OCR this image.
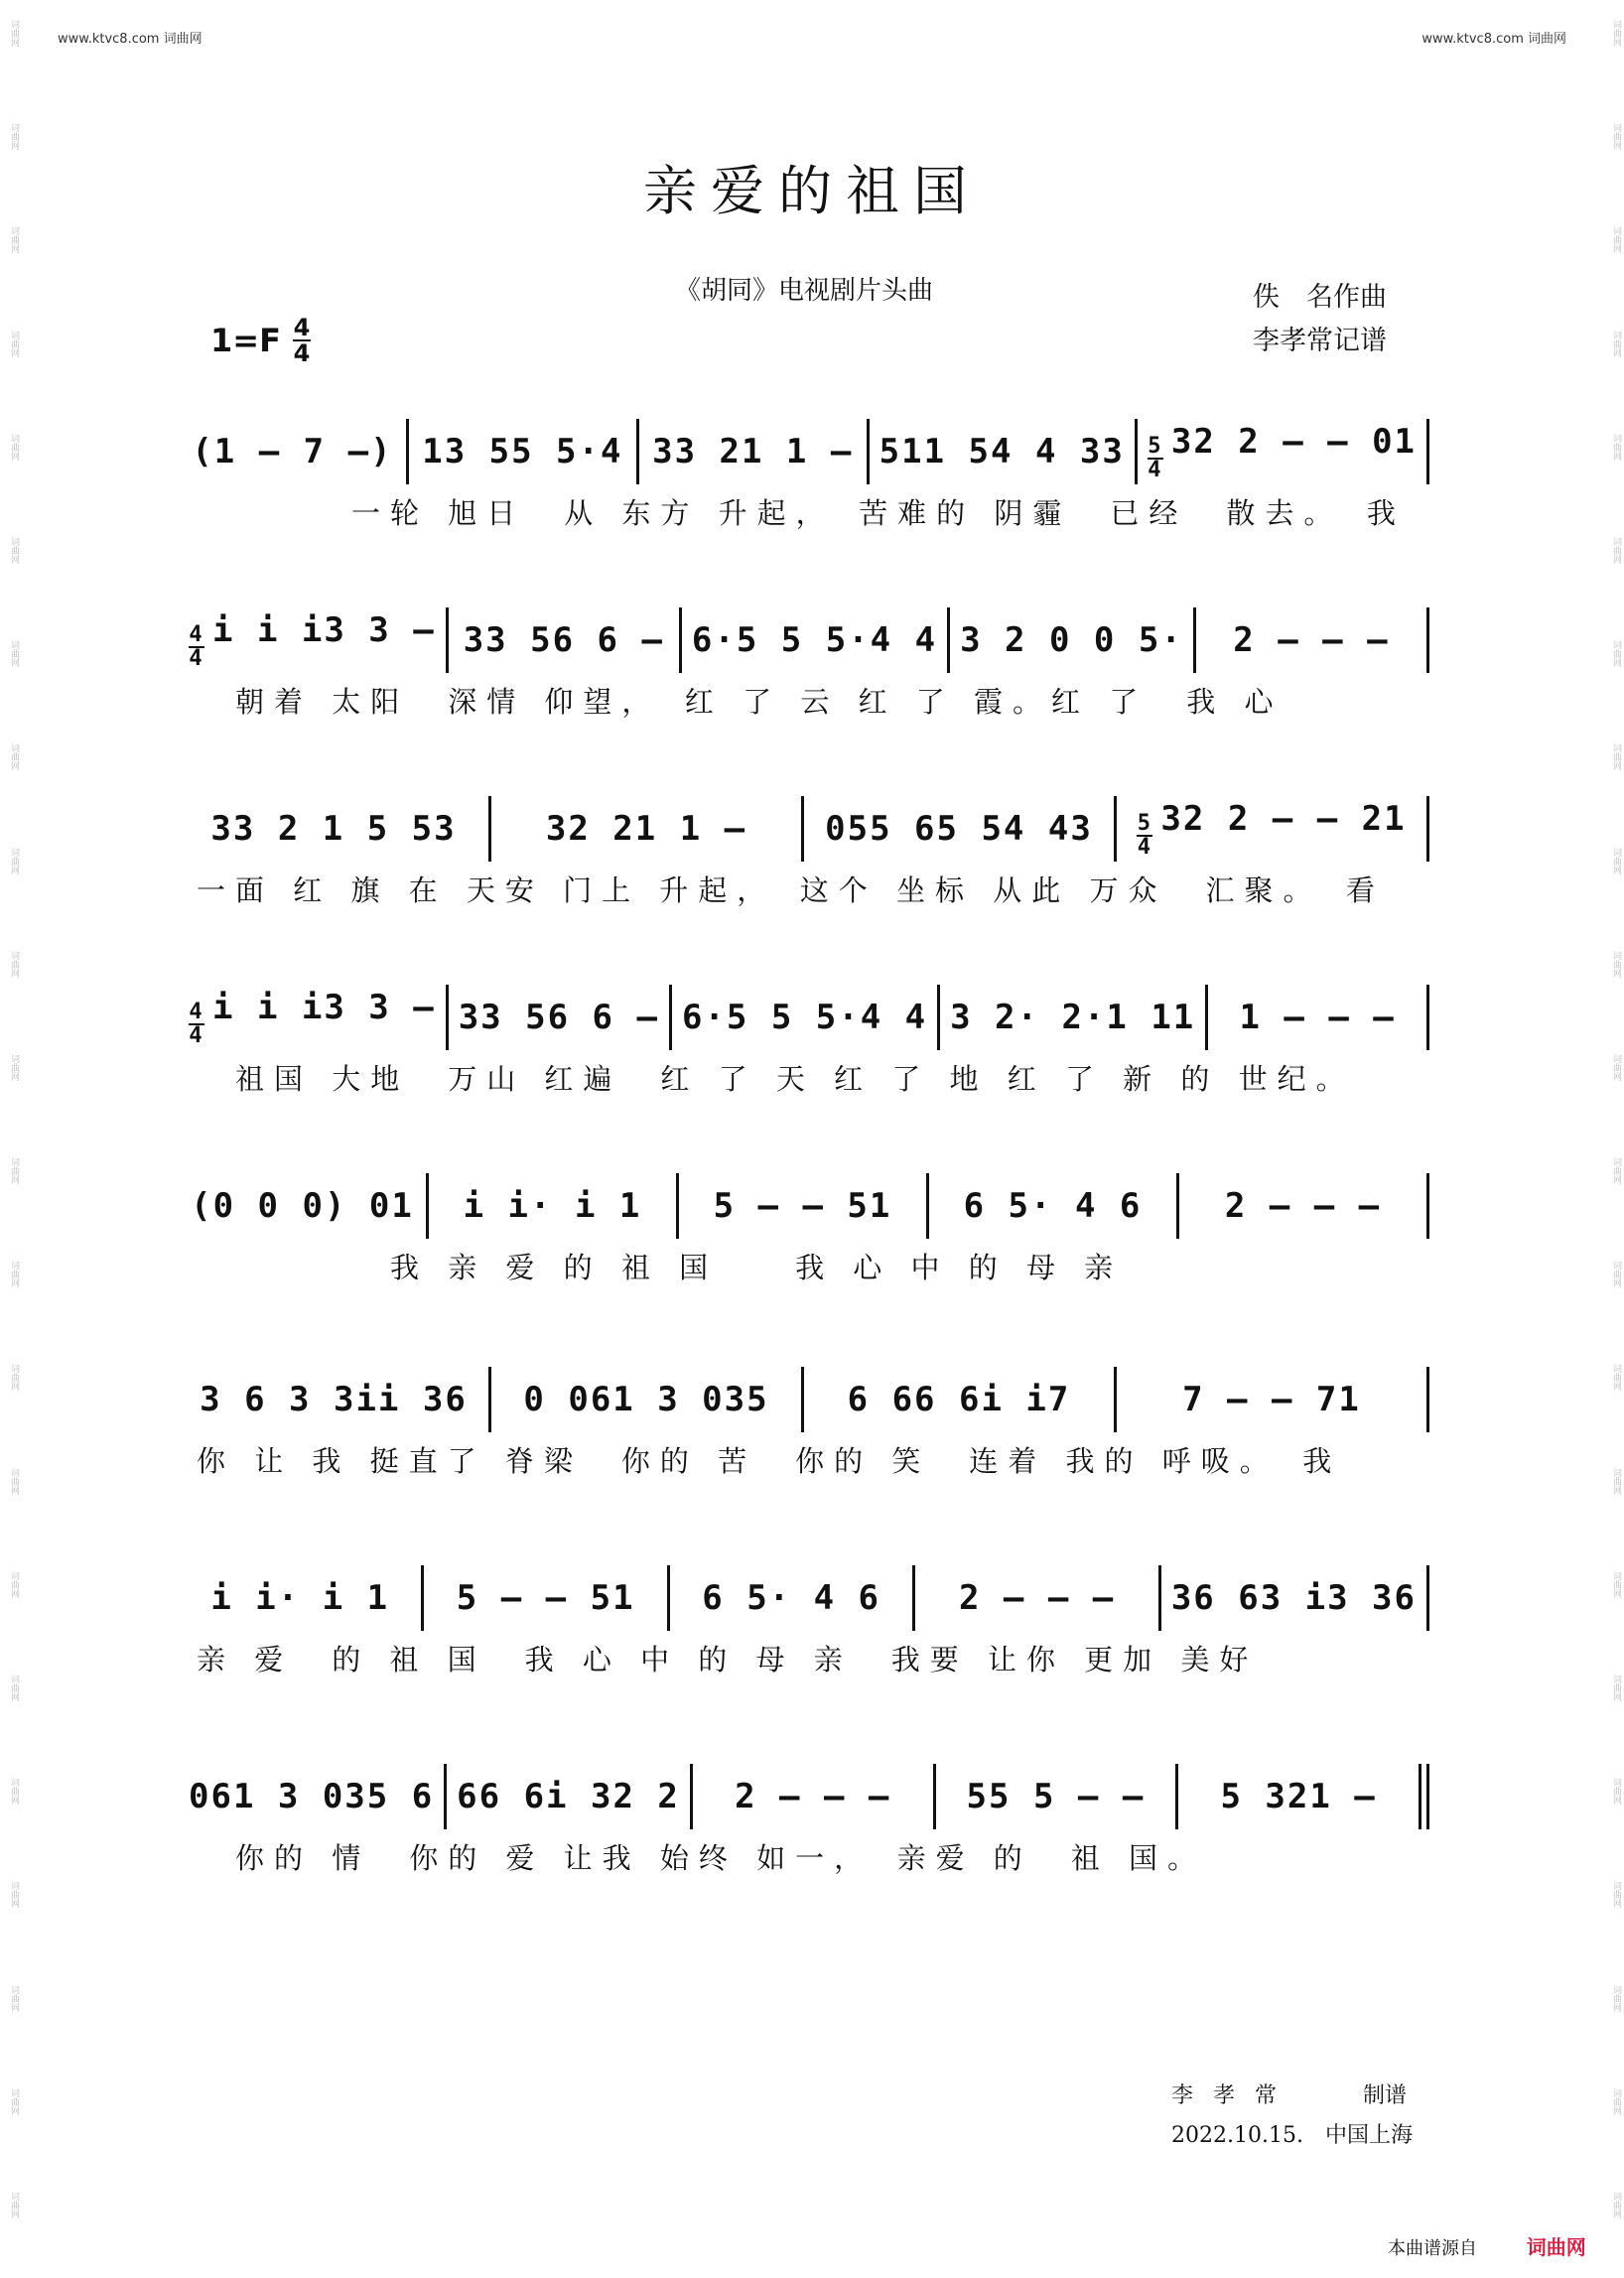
www.ktvc8.com 词曲网	www.ktvc8.com 词曲网
词曲网
词曲网
词曲网
词曲网
词曲网
词曲网
词曲网
词曲网
词曲网
词曲网
词曲网
词曲网
词曲网
词曲网
词曲网
词曲网
词曲网
词曲网
词曲网
词曲网
词曲网
词曲网
词曲网
词曲网
词曲网
词曲网
词曲网
词曲网
词曲网
词曲网
词曲网
词曲网
词曲网
词曲网
词曲网
词曲网
词曲网
词曲网
词曲网
词曲网
词曲网
词曲网
词曲网
词曲网
亲爱的祖国
《胡同》电视剧片头曲	佚　名作曲
李孝常记谱
$1=F \frac{4}{4}$
(1 – 7 –) 13 55 5·4 33 21 1 – 511 54 4 $33 \frac{5}{4} 32$ 2 – – 01
　　　　一轮 旭日　从 东方 升起，　苦难的 阴霾　已经　散去。　我
$\frac{4}{4}$ i i i3 3 – 33 56 6 – 6·5 5 5·4 4 3 2 0 0 5·	2 – – –
　朝着 太阳　深情 仰望，　红 了 云 红 了 霞。红 了　我 心
33 2 1 5 53	32 21 1 –	055 65 54 43	$\frac{5}{4} 32$ 2 – – 21
一面 红 旗 在 天安 门上 升起，　这个 坐标 从此 万众　汇聚。　看
$\frac{4}{4}$ i i i3 3 – 33 56 6 – 6·5 5 5·4 4 3 2· 2·1 11	1 – – –
　祖国 大地　万山 红遍　红 了 天 红 了 地 红 了 新 的 世纪。
(0 0 0) 01	i i· i 1	5 – – 51	6 5· 4 6	2 – – –
　　　　　我 亲 爱 的 祖 国　　我 心 中 的 母 亲
3 6 3 3ii 36	0 061 3 035	6 66 6i i7	7 – – 71
你 让 我 挺直了 脊梁　你的 苦　你的 笑　连着 我的 呼吸。　我
i i· i 1	5 – – 51	6 5· 4 6	2 – – –	36 63 i3 36
亲 爱　的 祖 国　我 心 中 的 母 亲　我要 让你 更加 美好
061 3 035 6 66 6i 32 2	2 – – –	55 5 – –	5 321 –
　你的 情　你的 爱 让我 始终 如一，　亲爱 的　祖 国。
李孝常	制谱
2022.10.15.　中国上海
本曲谱源自 词曲网
